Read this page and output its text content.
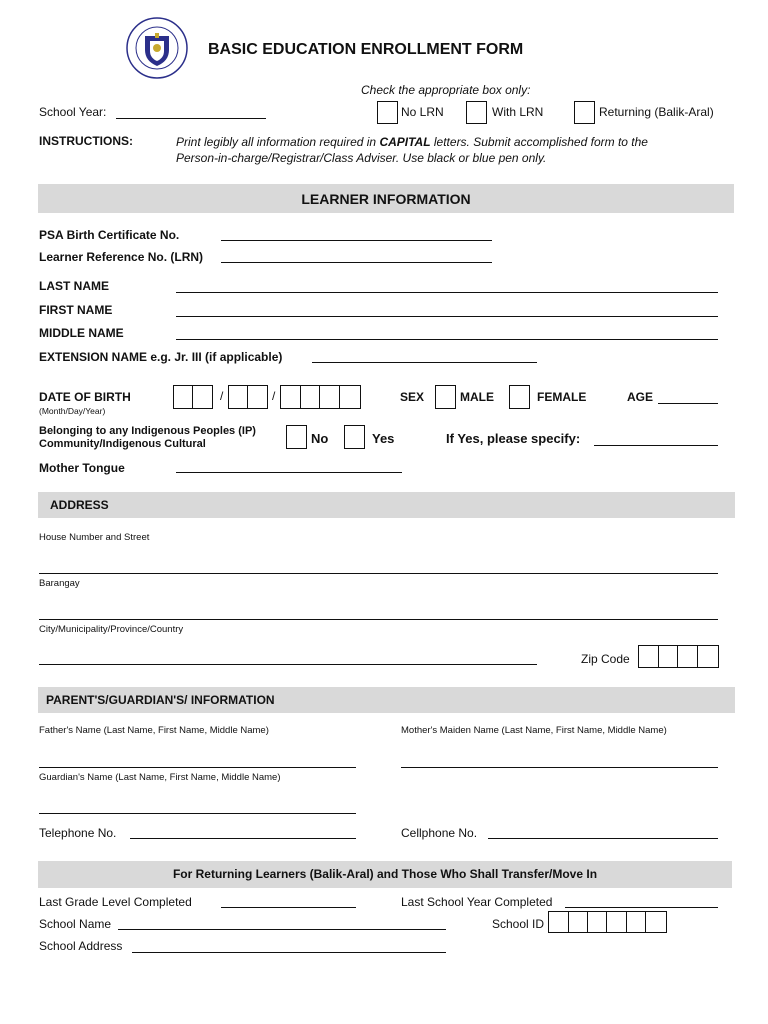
BASIC EDUCATION ENROLLMENT FORM
Check the appropriate box only:
School Year:	No LRN	With LRN	Returning (Balik-Aral)
INSTRUCTIONS:	Print legibly all information required in CAPITAL letters. Submit accomplished form to the
Person-in-charge/Registrar/Class Adviser. Use black or blue pen only.
LEARNER INFORMATION
PSA Birth Certificate No.
Learner Reference No. (LRN)
LAST NAME
FIRST NAME
MIDDLE NAME
EXTENSION NAME e.g. Jr. III (if applicable)
DATE OF BIRTH
(Month/Day/Year)
/	/	SEX	MALE	FEMALE	AGE
Belonging to any Indigenous Peoples (IP)
Community/Indigenous Cultural	No	Yes	If Yes, please specify:
Mother Tongue
ADDRESS
House Number and Street
Barangay
City/Municipality/Province/Country
Zip Code
PARENT'S/GUARDIAN'S/ INFORMATION
Father's Name (Last Name, First Name, Middle Name)	Mother's Maiden Name (Last Name, First Name, Middle Name)
Guardian's Name (Last Name, First Name, Middle Name)
Telephone No.	Cellphone No.
For Returning Learners (Balik-Aral) and Those Who Shall Transfer/Move In
Last Grade Level Completed	Last School Year Completed
School Name	School ID
School Address
